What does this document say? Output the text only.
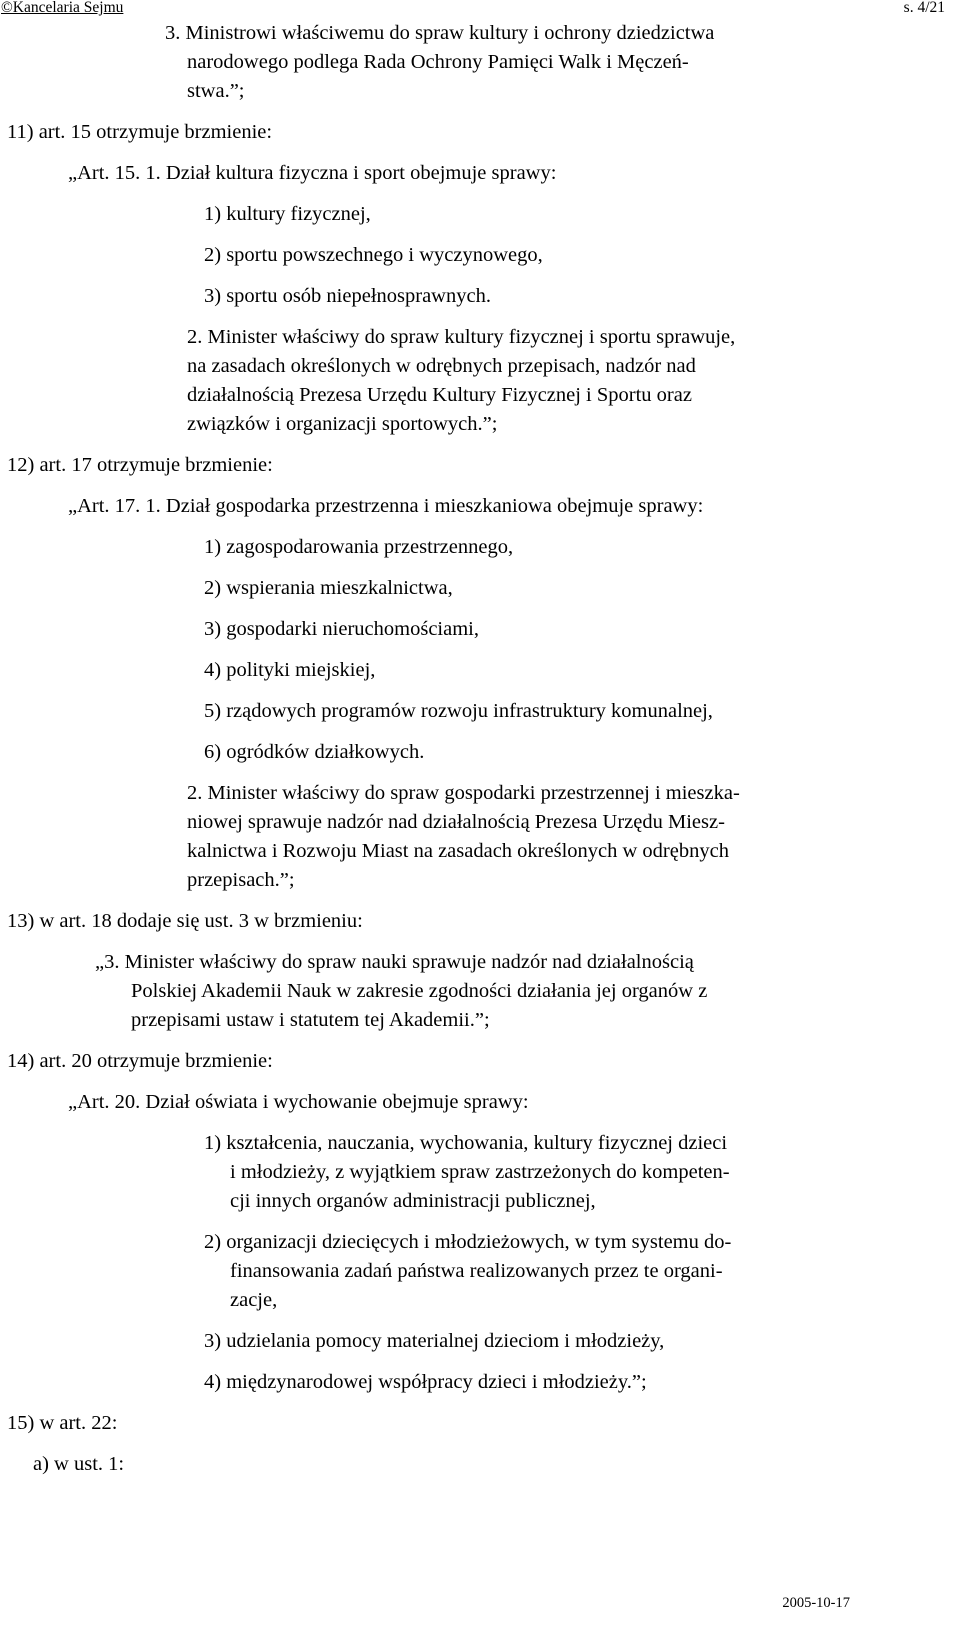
©Kancelaria Sejmu	s. 4/21
3. Ministrowi właściwemu do spraw kultury i ochrony dziedzictwa
narodowego podlega Rada Ochrony Pamięci Walk i Męczeń-
stwa.”;
11) art. 15 otrzymuje brzmienie:
„Art. 15. 1. Dział kultura fizyczna i sport obejmuje sprawy:
1) kultury fizycznej,
2) sportu powszechnego i wyczynowego,
3) sportu osób niepełnosprawnych.
2. Minister właściwy do spraw kultury fizycznej i sportu sprawuje,
na zasadach określonych w odrębnych przepisach, nadzór nad
działalnością Prezesa Urzędu Kultury Fizycznej i Sportu oraz
związków i organizacji sportowych.”;
12) art. 17 otrzymuje brzmienie:
„Art. 17. 1. Dział gospodarka przestrzenna i mieszkaniowa obejmuje sprawy:
1) zagospodarowania przestrzennego,
2) wspierania mieszkalnictwa,
3) gospodarki nieruchomościami,
4) polityki miejskiej,
5) rządowych programów rozwoju infrastruktury komunalnej,
6) ogródków działkowych.
2. Minister właściwy do spraw gospodarki przestrzennej i mieszka-
niowej sprawuje nadzór nad działalnością Prezesa Urzędu Miesz-
kalnictwa i Rozwoju Miast na zasadach określonych w odrębnych
przepisach.”;
13) w art. 18 dodaje się ust. 3 w brzmieniu:
„3. Minister właściwy do spraw nauki sprawuje nadzór nad działalnością
Polskiej Akademii Nauk w zakresie zgodności działania jej organów z
przepisami ustaw i statutem tej Akademii.”;
14) art. 20 otrzymuje brzmienie:
„Art. 20. Dział oświata i wychowanie obejmuje sprawy:
1) kształcenia, nauczania, wychowania, kultury fizycznej dzieci
i młodzieży, z wyjątkiem spraw zastrzeżonych do kompeten-
cji innych organów administracji publicznej,
2) organizacji dziecięcych i młodzieżowych, w tym systemu do-
finansowania zadań państwa realizowanych przez te organi-
zacje,
3) udzielania pomocy materialnej dzieciom i młodzieży,
4) międzynarodowej współpracy dzieci i młodzieży.”;
15) w art. 22:
a) w ust. 1:
2005-10-17
